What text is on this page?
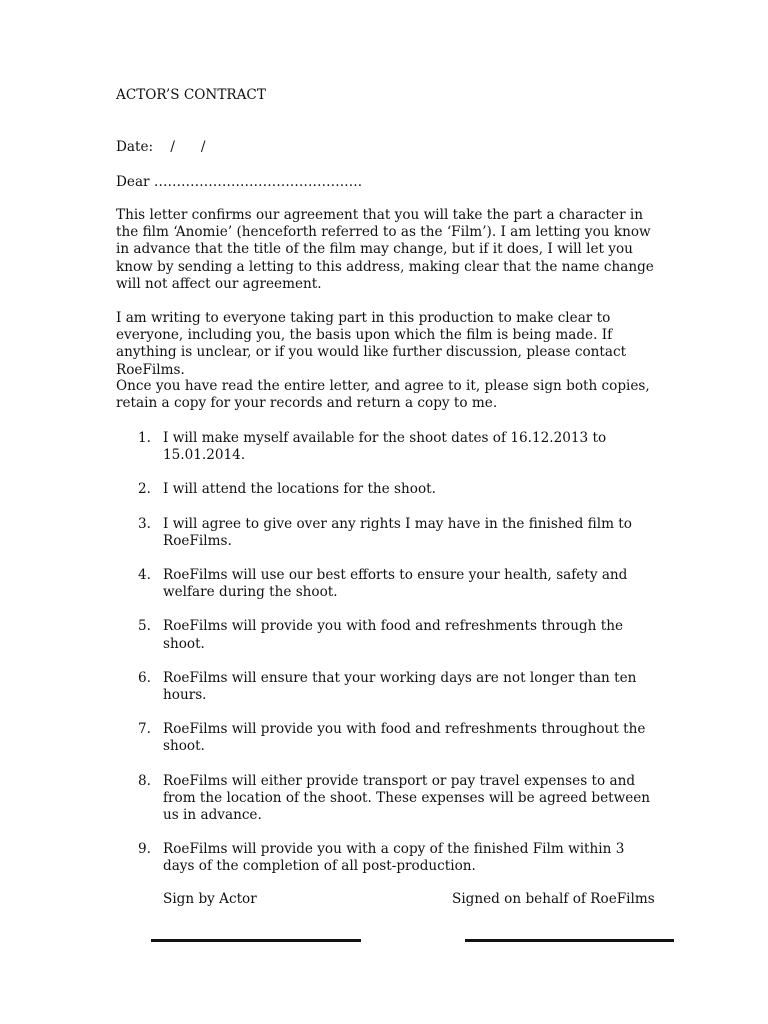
ACTOR’S CONTRACT
Date:    /      /
Dear ……………………………………….

This letter confirms our agreement that you will take the part a character in the film ‘Anomie’ (henceforth referred to as the ‘Film’). I am letting you know in advance that the title of the film may change, but if it does, I will let you know by sending a letting to this address, making clear that the name change will not affect our agreement.

I am writing to everyone taking part in this production to make clear to everyone, including you, the basis upon which the film is being made. If anything is unclear, or if you would like further discussion, please contact RoeFilms.

Once you have read the entire letter, and agree to it, please sign both copies, retain a copy for your records and return a copy to me.

1. I will make myself available for the shoot dates of 16.12.2013 to 15.01.2014.
2. I will attend the locations for the shoot.
3. I will agree to give over any rights I may have in the finished film to RoeFilms.
4. RoeFilms will use our best efforts to ensure your health, safety and welfare during the shoot.
5. RoeFilms will provide you with food and refreshments through the shoot.
6. RoeFilms will ensure that your working days are not longer than ten hours.
7. RoeFilms will provide you with food and refreshments throughout the shoot.
8. RoeFilms will either provide transport or pay travel expenses to and from the location of the shoot. These expenses will be agreed between us in advance.
9. RoeFilms will provide you with a copy of the finished Film within 3 days of the completion of all post-production.
Sign by Actor	Signed on behalf of RoeFilms
